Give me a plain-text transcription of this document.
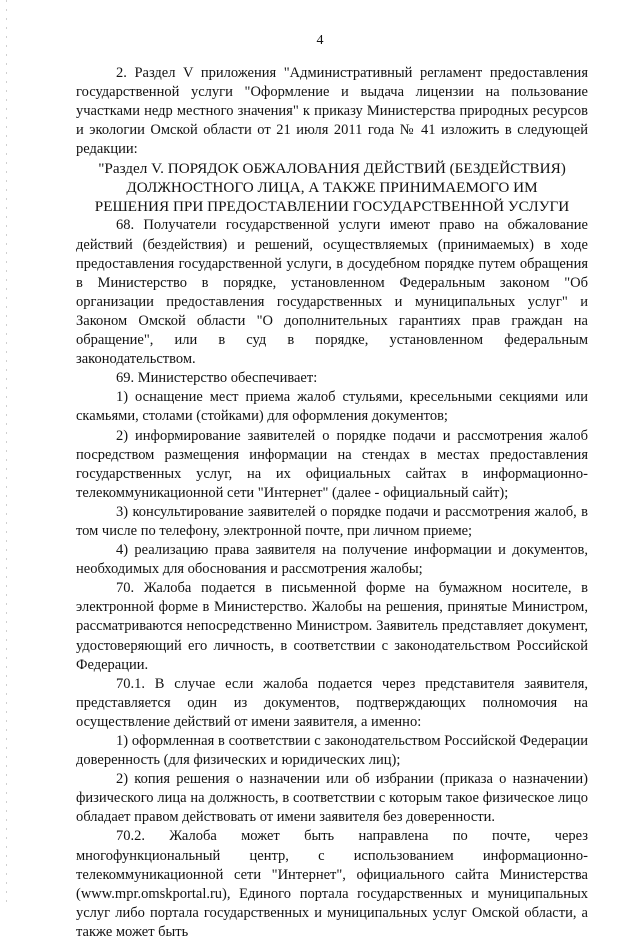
4

2. Раздел V приложения "Административный регламент предоставления государственной услуги "Оформление и выдача лицензии на пользование участками недр местного значения" к приказу Министерства природных ресурсов и экологии Омской области от 21 июля 2011 года № 41 изложить в следующей редакции:

"Раздел V. ПОРЯДОК ОБЖАЛОВАНИЯ ДЕЙСТВИЙ (БЕЗДЕЙСТВИЯ)
ДОЛЖНОСТНОГО ЛИЦА, А ТАКЖЕ ПРИНИМАЕМОГО ИМ
РЕШЕНИЯ ПРИ ПРЕДОСТАВЛЕНИИ ГОСУДАРСТВЕННОЙ УСЛУГИ

68. Получатели государственной услуги имеют право на обжалование действий (бездействия) и решений, осуществляемых (принимаемых) в ходе предоставления государственной услуги, в досудебном порядке путем обращения в Министерство в порядке, установленном Федеральным законом "Об организации предоставления государственных и муниципальных услуг" и Законом Омской области "О дополнительных гарантиях прав граждан на обращение", или в суд в порядке, установленном федеральным законодательством.

69. Министерство обеспечивает:

1) оснащение мест приема жалоб стульями, кресельными секциями или скамьями, столами (стойками) для оформления документов;

2) информирование заявителей о порядке подачи и рассмотрения жалоб посредством размещения информации на стендах в местах предоставления государственных услуг, на их официальных сайтах в информационно-телекоммуникационной сети "Интернет" (далее - официальный сайт);

3) консультирование заявителей о порядке подачи и рассмотрения жалоб, в том числе по телефону, электронной почте, при личном приеме;

4) реализацию права заявителя на получение информации и документов, необходимых для обоснования и рассмотрения жалобы;

70. Жалоба подается в письменной форме на бумажном носителе, в электронной форме в Министерство. Жалобы на решения, принятые Министром, рассматриваются непосредственно Министром. Заявитель представляет документ, удостоверяющий его личность, в соответствии с законодательством Российской Федерации.

70.1. В случае если жалоба подается через представителя заявителя, представляется один из документов, подтверждающих полномочия на осуществление действий от имени заявителя, а именно:

1) оформленная в соответствии с законодательством Российской Федерации доверенность (для физических и юридических лиц);

2) копия решения о назначении или об избрании (приказа о назначении) физического лица на должность, в соответствии с которым такое физическое лицо обладает правом действовать от имени заявителя без доверенности.

70.2. Жалоба может быть направлена по почте, через многофункциональный центр, с использованием информационно-телекоммуникационной сети "Интернет", официального сайта Министерства (www.mpr.omskportal.ru), Единого портала государственных и муниципальных услуг либо портала государственных и муниципальных услуг Омской области, а также может быть
